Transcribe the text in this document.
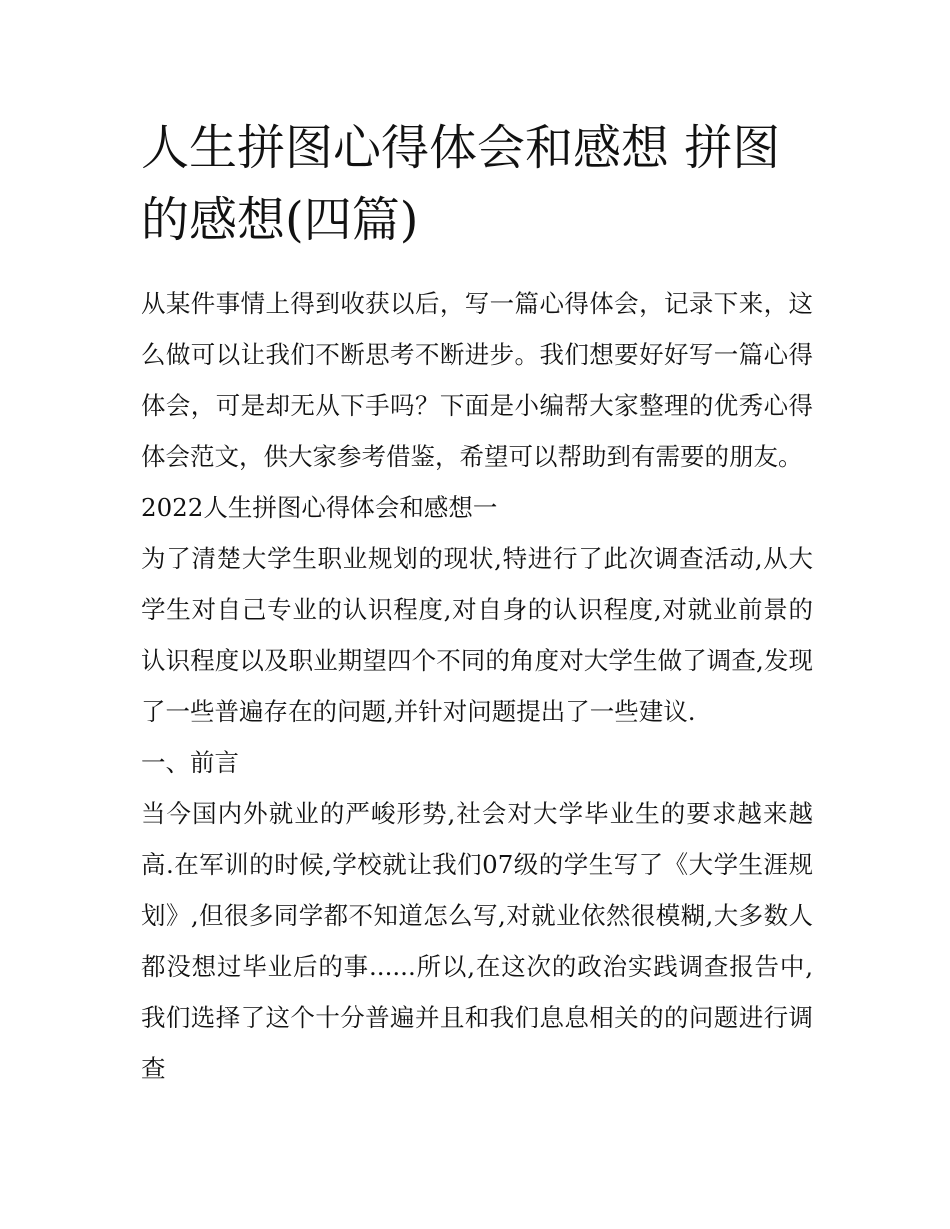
人生拼图心得体会和感想 拼图的感想(四篇)

从某件事情上得到收获以后，写一篇心得体会，记录下来，这么做可以让我们不断思考不断进步。我们想要好好写一篇心得体会，可是却无从下手吗？下面是小编帮大家整理的优秀心得体会范文，供大家参考借鉴，希望可以帮助到有需要的朋友。

2022人生拼图心得体会和感想一

为了清楚大学生职业规划的现状,特进行了此次调查活动,从大学生对自己专业的认识程度,对自身的认识程度,对就业前景的认识程度以及职业期望四个不同的角度对大学生做了调查,发现了一些普遍存在的问题,并针对问题提出了一些建议.

一、前言

当今国内外就业的严峻形势,社会对大学毕业生的要求越来越高.在军训的时候,学校就让我们07级的学生写了《大学生涯规划》,但很多同学都不知道怎么写,对就业依然很模糊,大多数人都没想过毕业后的事......所以,在这次的政治实践调查报告中,我们选择了这个十分普遍并且和我们息息相关的的问题进行调查
